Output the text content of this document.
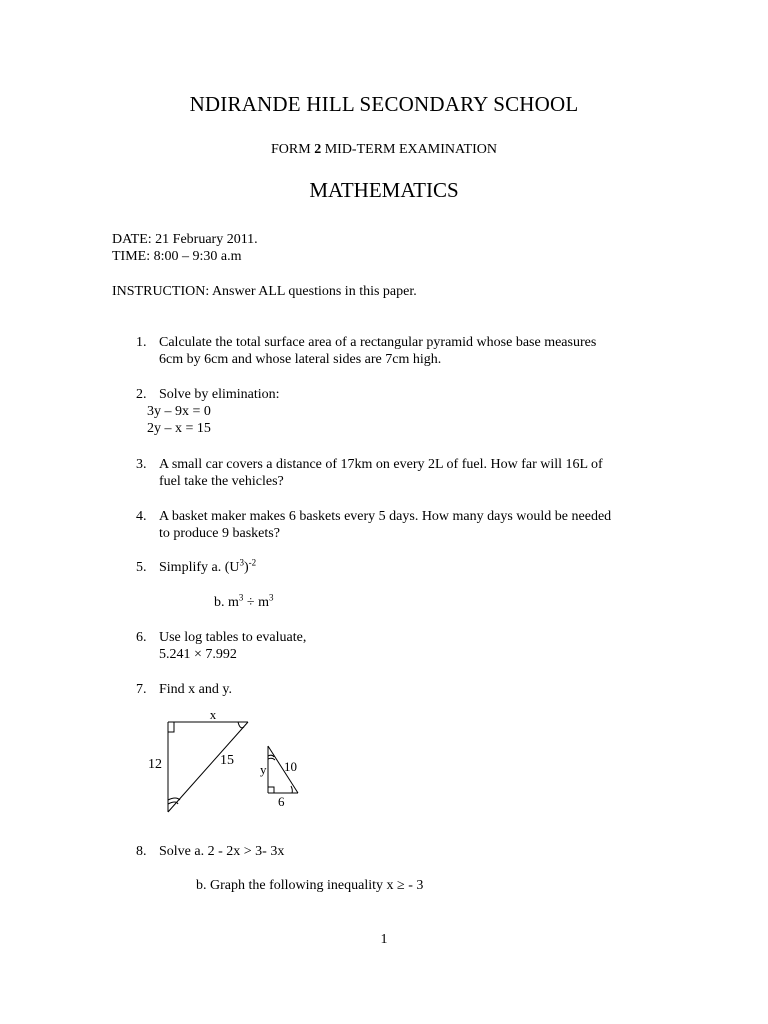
NDIRANDE HILL SECONDARY SCHOOL
FORM 2 MID-TERM EXAMINATION
MATHEMATICS
DATE: 21 February 2011.
TIME: 8:00 – 9:30 a.m
INSTRUCTION: Answer ALL questions in this paper.
1. Calculate the total surface area of a rectangular pyramid whose base measures
6cm by 6cm and whose lateral sides are 7cm high.
2. Solve by elimination:
3y – 9x = 0
2y – x = 15
3. A small car covers a distance of 17km on every 2L of fuel. How far will 16L of
fuel take the vehicles?
4. A basket maker makes 6 baskets every 5 days. How many days would be needed
to produce 9 baskets?
5. Simplify a. $(U^3)^{-2}$
b. $m^3 \div m^3$
6. Use log tables to evaluate,
5.241 × 7.992
7. Find x and y.
x
12	15
y 10
6
8. Solve a. 2 - 2x > 3- 3x
b. Graph the following inequality x ≥ - 3
1
